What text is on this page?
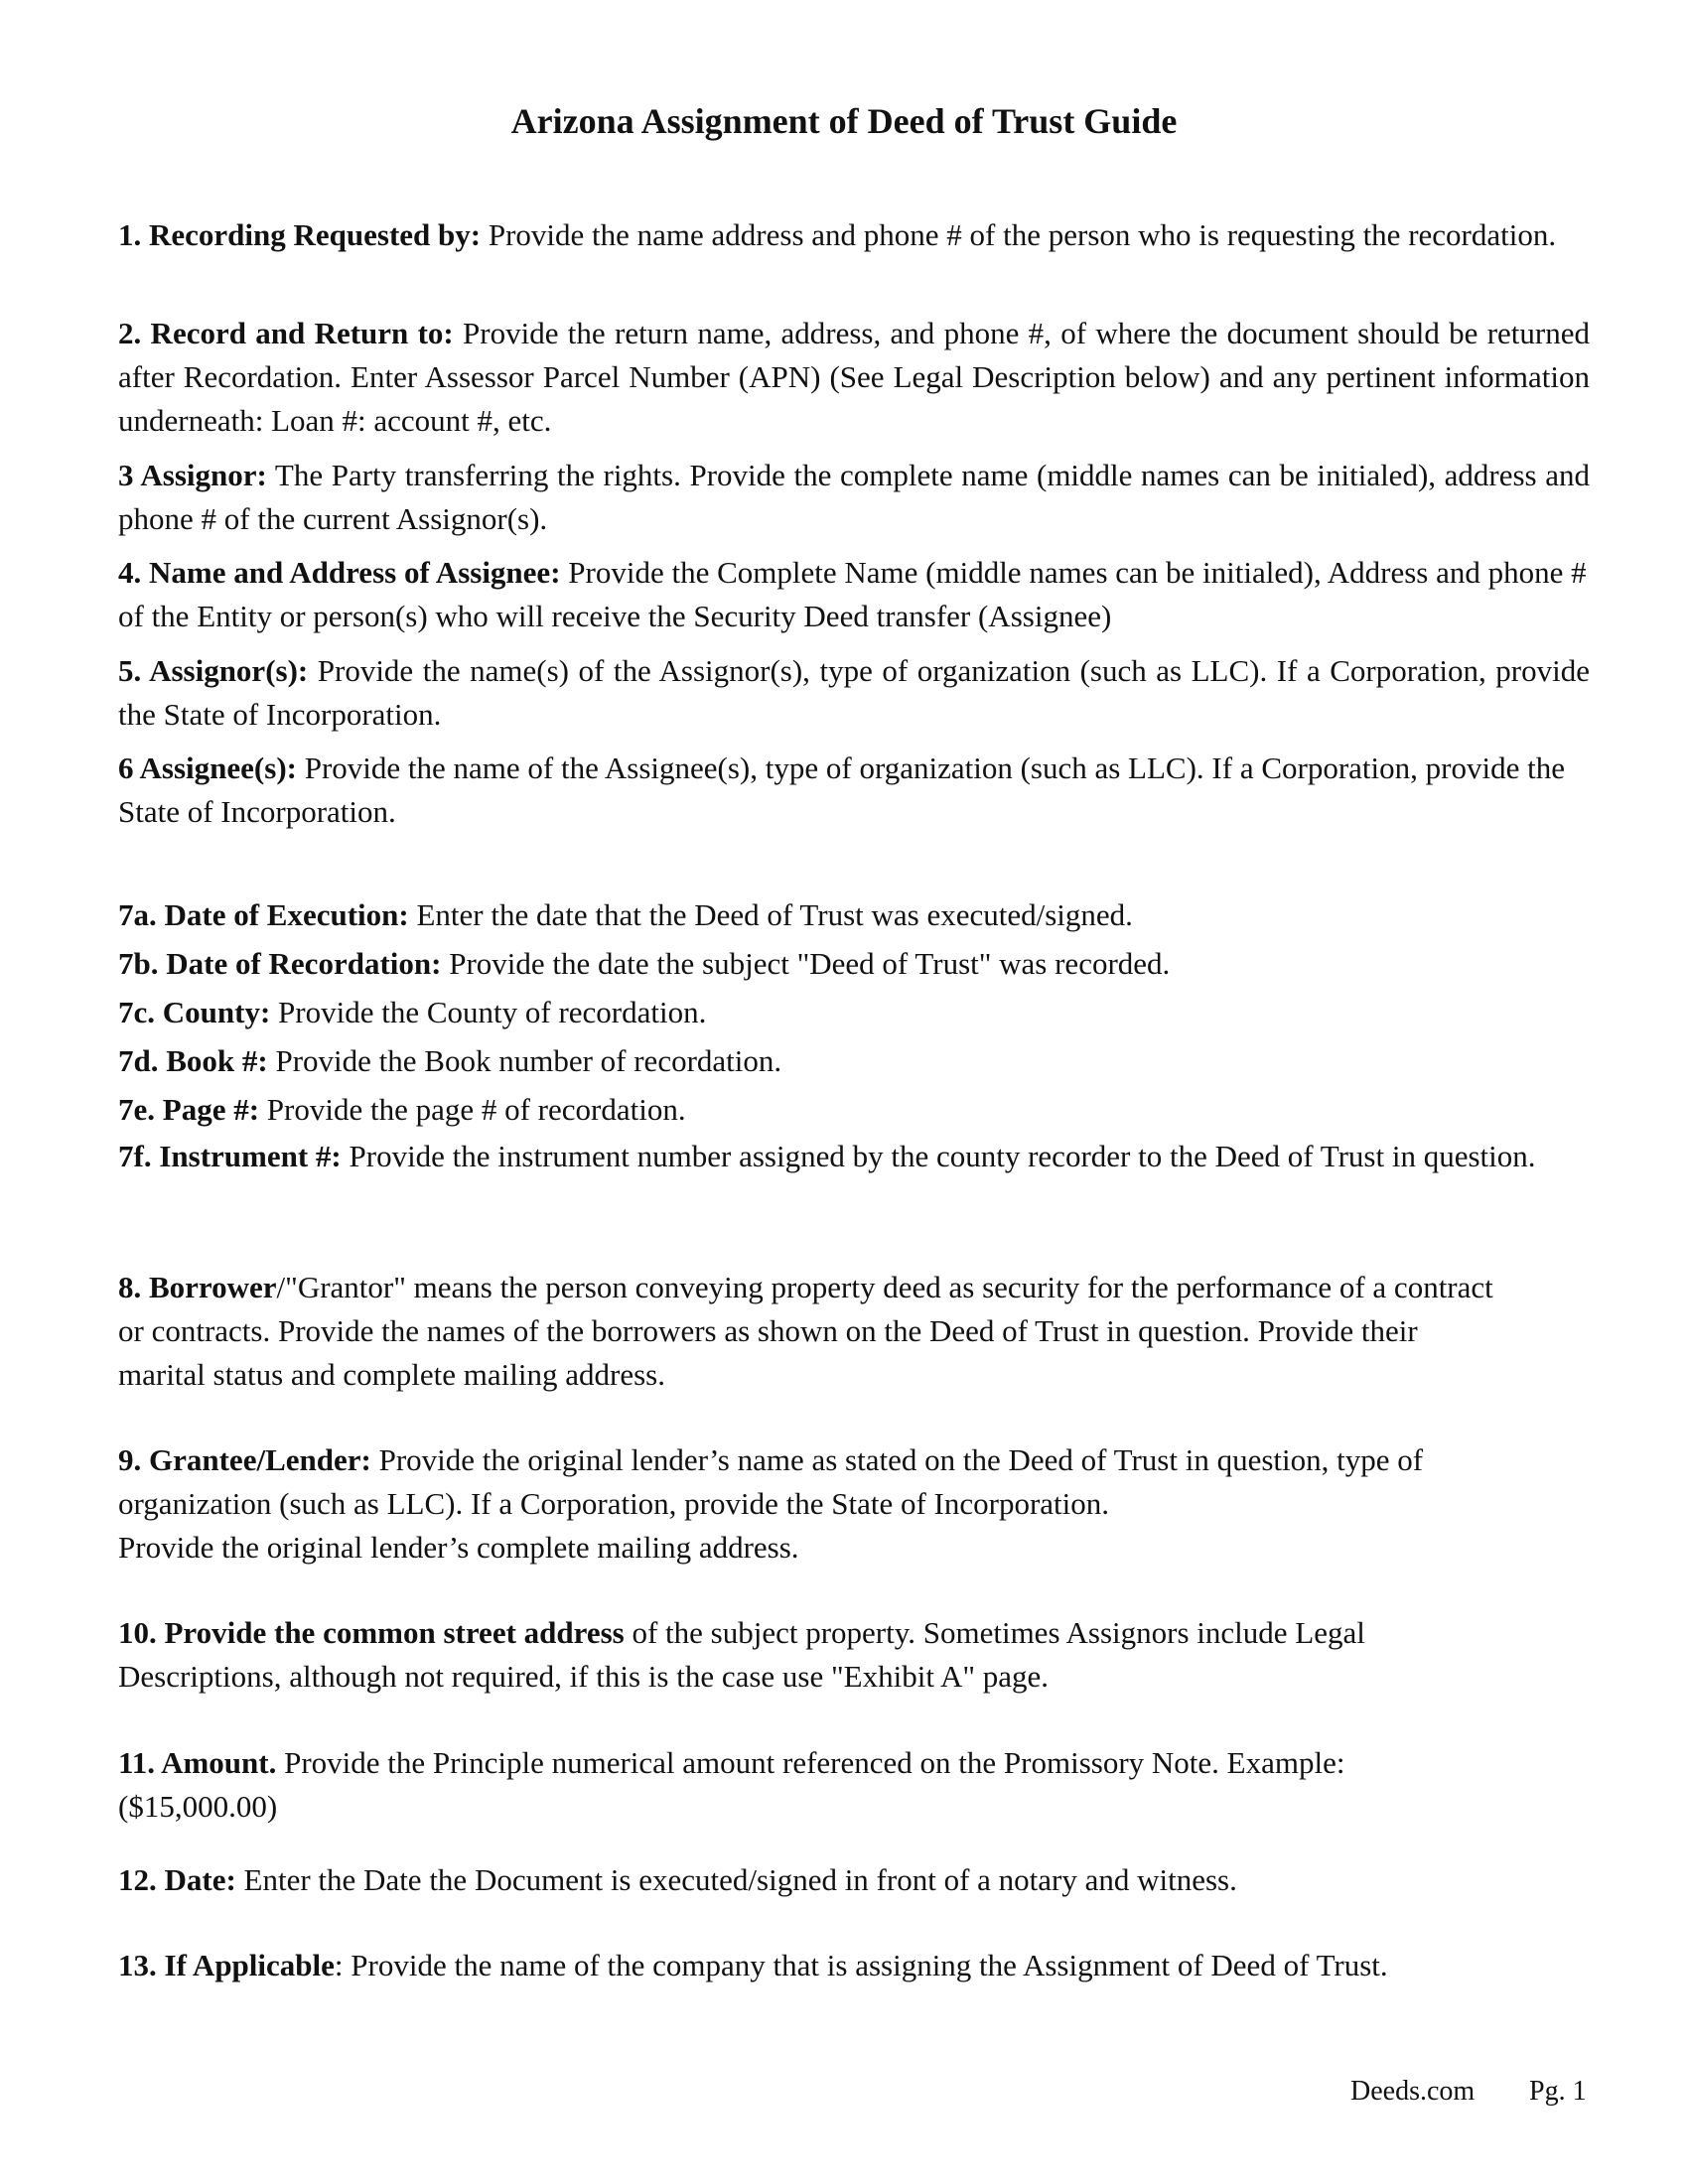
Arizona Assignment of Deed of Trust Guide
1. Recording Requested by: Provide the name address and phone # of the person who is requesting the recordation.
2. Record and Return to: Provide the return name, address, and phone #, of where the document should be returned after Recordation. Enter Assessor Parcel Number (APN) (See Legal Description below) and any pertinent information underneath: Loan #: account #, etc.
3 Assignor: The Party transferring the rights. Provide the complete name (middle names can be initialed), address and phone # of the current Assignor(s).
4. Name and Address of Assignee: Provide the Complete Name (middle names can be initialed), Address and phone # of the Entity or person(s) who will receive the Security Deed transfer (Assignee)
5. Assignor(s): Provide the name(s) of the Assignor(s), type of organization (such as LLC). If a Corporation, provide the State of Incorporation.
6 Assignee(s): Provide the name of the Assignee(s), type of organization (such as LLC). If a Corporation, provide the State of Incorporation.
7a. Date of Execution: Enter the date that the Deed of Trust was executed/signed.
7b. Date of Recordation: Provide the date the subject "Deed of Trust" was recorded.
7c. County: Provide the County of recordation.
7d. Book #: Provide the Book number of recordation.
7e. Page #: Provide the page # of recordation.
7f. Instrument #: Provide the instrument number assigned by the county recorder to the Deed of Trust in question.
8. Borrower/"Grantor" means the person conveying property deed as security for the performance of a contract or contracts. Provide the names of the borrowers as shown on the Deed of Trust in question. Provide their marital status and complete mailing address.
9. Grantee/Lender: Provide the original lender’s name as stated on the Deed of Trust in question, type of organization (such as LLC). If a Corporation, provide the State of Incorporation.
Provide the original lender’s complete mailing address.
10. Provide the common street address of the subject property. Sometimes Assignors include Legal Descriptions, although not required, if this is the case use "Exhibit A" page.
11. Amount. Provide the Principle numerical amount referenced on the Promissory Note. Example: ($15,000.00)
12. Date: Enter the Date the Document is executed/signed in front of a notary and witness.
13. If Applicable: Provide the name of the company that is assigning the Assignment of Deed of Trust.
Deeds.com Pg. 1
